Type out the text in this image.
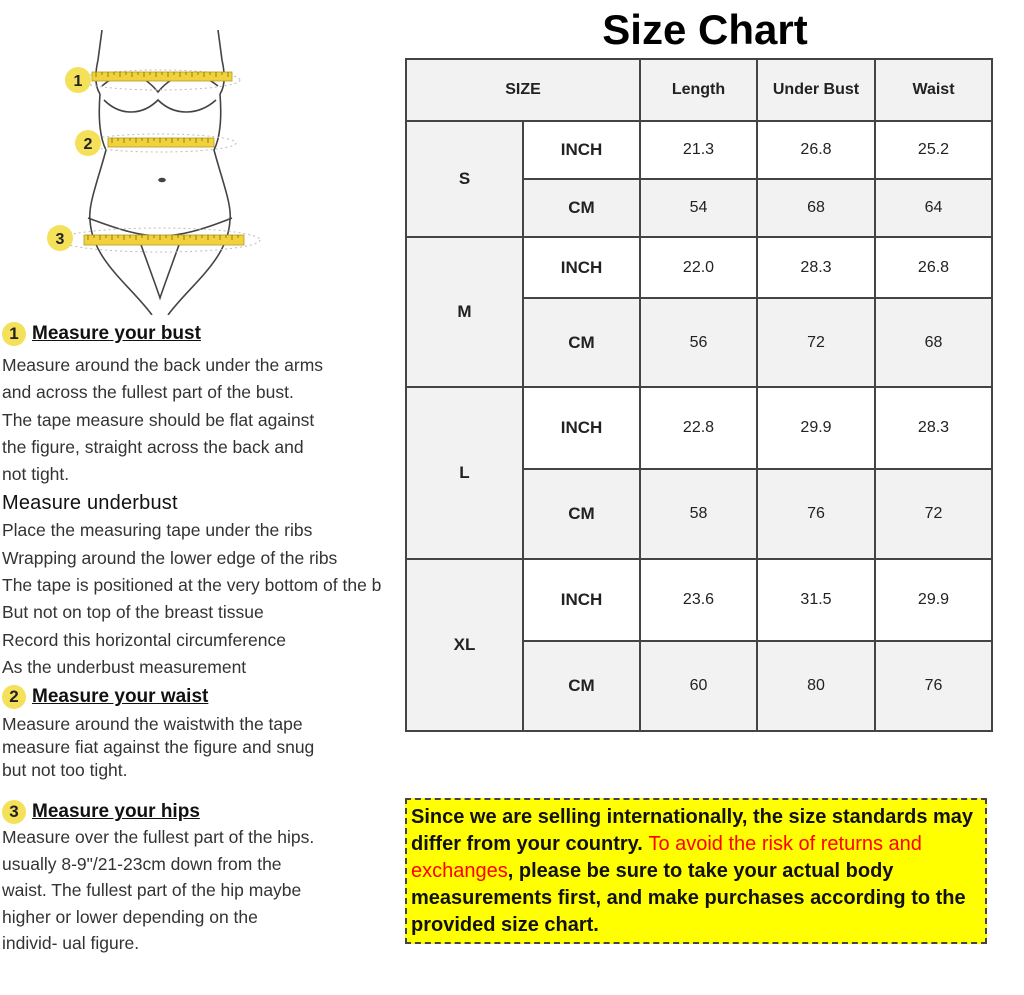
1
2
3
1 Measure your bust

Measure around the back under the arms

and across the fullest part of the bust.

The tape measure should be flat against

the figure, straight across the back and

not tight.

Measure underbust

Place the measuring tape under the ribs

Wrapping around the lower edge of the ribs

The tape is positioned at the very bottom of the b

But not on top of the breast tissue

Record this horizontal circumference

As the underbust measurement

2 Measure your waist

Measure around the waistwith the tape

measure fiat against the figure and snug

but not too tight.

3 Measure your hips

Measure over the fullest part of the hips.

usually 8-9"/21-23cm down from the

waist. The fullest part of the hip maybe

higher or lower depending on the

individ- ual figure.

Size Chart
SIZE		Length	Under Bust	Waist
S	INCH	21.3	26.8	25.2
	CM	54	68	64
M	INCH	22.0	28.3	26.8
	CM	56	72	68
L	INCH	22.8	29.9	28.3
	CM	58	76	72
XL	INCH	23.6	31.5	29.9
	CM	60	80	76
Since we are selling internationally, the size standards may differ from your country. To avoid the risk of returns and exchanges, please be sure to take your actual body measurements first, and make purchases according to the provided size chart.
